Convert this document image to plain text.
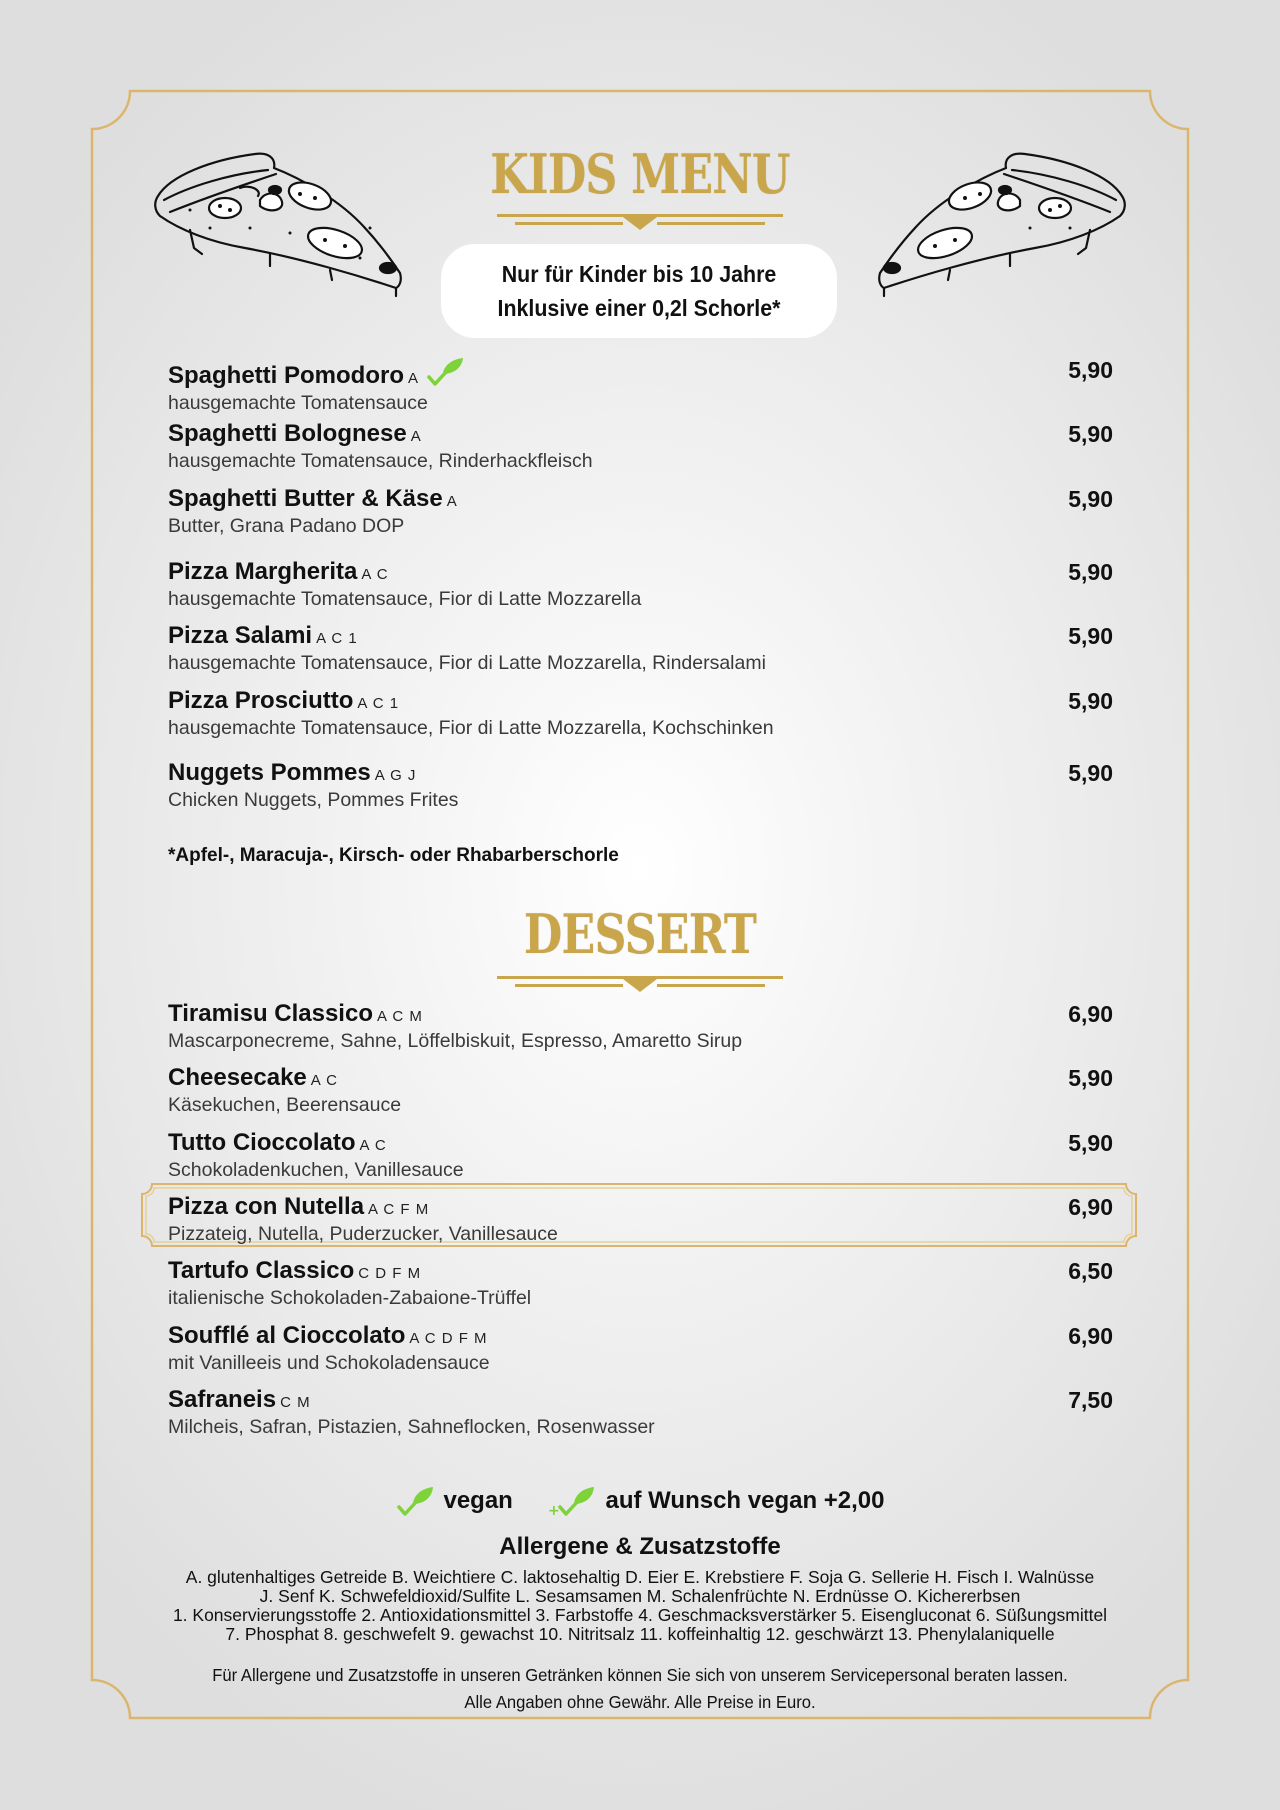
KIDS MENU
Nur für Kinder bis 10 Jahre
Inklusive einer 0,2l Schorle*
Spaghetti Pomodoro A
hausgemachte Tomatensauce
5,90
Spaghetti Bolognese A
hausgemachte Tomatensauce, Rinderhackfleisch
5,90
Spaghetti Butter & Käse A
Butter, Grana Padano DOP
5,90
Pizza Margherita A C
hausgemachte Tomatensauce, Fior di Latte Mozzarella
5,90
Pizza Salami A C 1
hausgemachte Tomatensauce, Fior di Latte Mozzarella, Rindersalami
5,90
Pizza Prosciutto A C 1
hausgemachte Tomatensauce, Fior di Latte Mozzarella, Kochschinken
5,90
Nuggets Pommes A G J
Chicken Nuggets, Pommes Frites
5,90
*Apfel-, Maracuja-, Kirsch- oder Rhabarberschorle
DESSERT
Tiramisu Classico A C M
Mascarponecreme, Sahne, Löffelbiskuit, Espresso, Amaretto Sirup
6,90
Cheesecake A C
Käsekuchen, Beerensauce
5,90
Tutto Cioccolato A C
Schokoladenkuchen, Vanillesauce
5,90
Pizza con Nutella A C F M
Pizzateig, Nutella, Puderzucker, Vanillesauce
6,90
Tartufo Classico C D F M
italienische Schokoladen-Zabaione-Trüffel
6,50
Soufflé al Cioccolato A C D F M
mit Vanilleeis und Schokoladensauce
6,90
Safraneis C M
Milcheis, Safran, Pistazien, Sahneflocken, Rosenwasser
7,50
vegan
+ auf Wunsch vegan +2,00
Allergene & Zusatzstoffe
A. glutenhaltiges Getreide B. Weichtiere C. laktosehaltig D. Eier E. Krebstiere F. Soja G. Sellerie H. Fisch I. Walnüsse
J. Senf K. Schwefeldioxid/Sulfite L. Sesamsamen M. Schalenfrüchte N. Erdnüsse O. Kichererbsen
1. Konservierungsstoffe 2. Antioxidationsmittel 3. Farbstoffe 4. Geschmacksverstärker 5. Eisengluconat 6. Süßungsmittel
7. Phosphat 8. geschwefelt 9. gewachst 10. Nitritsalz 11. koffeinhaltig 12. geschwärzt 13. Phenylalaniquelle
Für Allergene und Zusatzstoffe in unseren Getränken können Sie sich von unserem Servicepersonal beraten lassen.
Alle Angaben ohne Gewähr. Alle Preise in Euro.
